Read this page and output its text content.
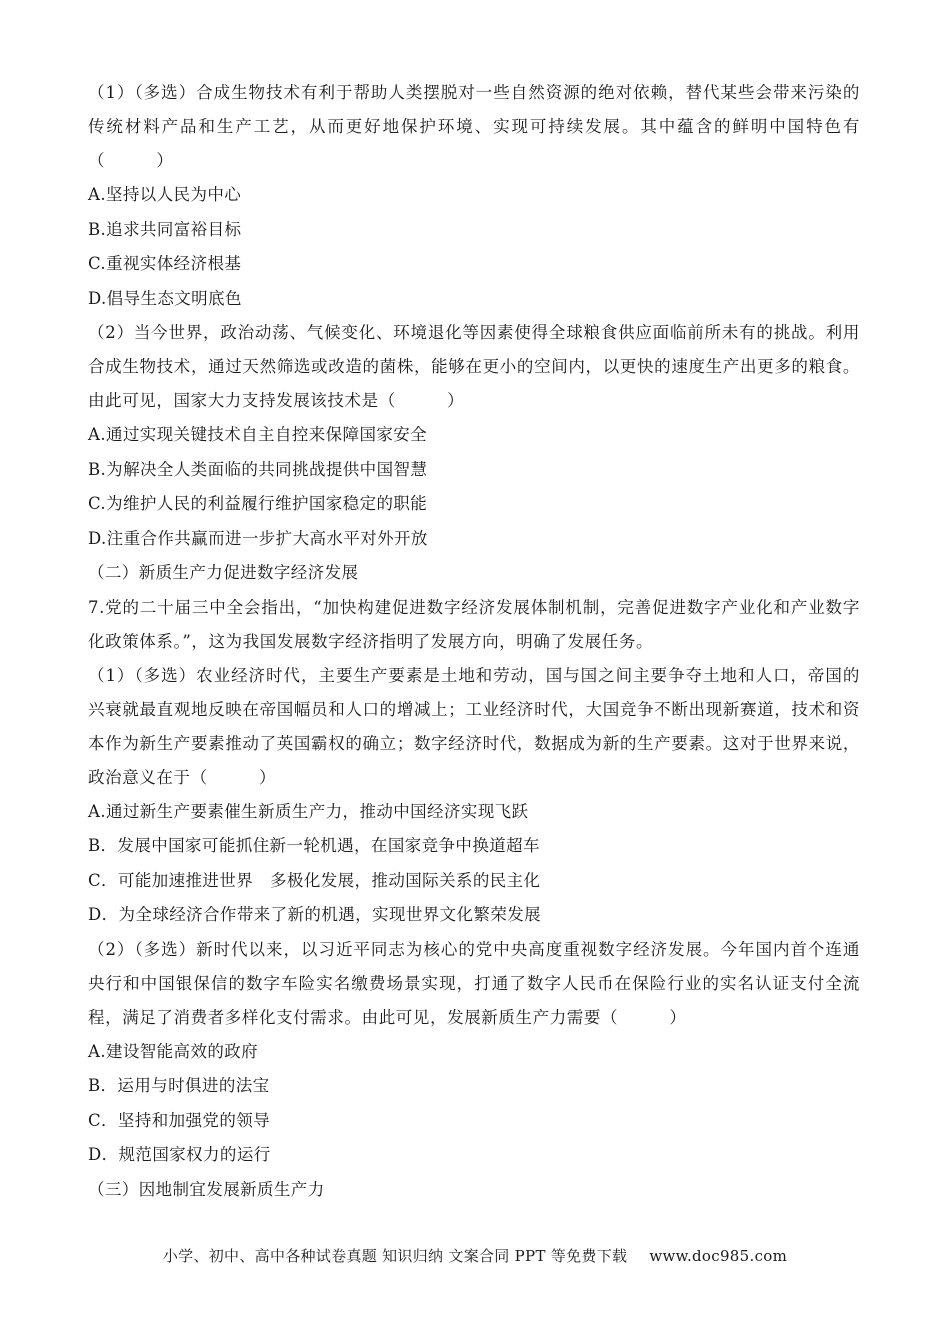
（1）（多选）合成生物技术有利于帮助人类摆脱对一些自然资源的绝对依赖，替代某些会带来污染的传统材料产品和生产工艺，从而更好地保护环境、实现可持续发展。其中蕴含的鲜明中国特色有（　　　）

A.坚持以人民为中心

B.追求共同富裕目标

C.重视实体经济根基

D.倡导生态文明底色

（2）当今世界，政治动荡、气候变化、环境退化等因素使得全球粮食供应面临前所未有的挑战。利用合成生物技术，通过天然筛选或改造的菌株，能够在更小的空间内，以更快的速度生产出更多的粮食。由此可见，国家大力支持发展该技术是（　　　）

A.通过实现关键技术自主自控来保障国家安全

B.为解决全人类面临的共同挑战提供中国智慧

C.为维护人民的利益履行维护国家稳定的职能

D.注重合作共赢而进一步扩大高水平对外开放

（二）新质生产力促进数字经济发展

7.党的二十届三中全会指出，“加快构建促进数字经济发展体制机制，完善促进数字产业化和产业数字化政策体系。”，这为我国发展数字经济指明了发展方向，明确了发展任务。

（1）（多选）农业经济时代，主要生产要素是土地和劳动，国与国之间主要争夺土地和人口，帝国的兴衰就最直观地反映在帝国幅员和人口的增减上；工业经济时代，大国竞争不断出现新赛道，技术和资本作为新生产要素推动了英国霸权的确立；数字经济时代，数据成为新的生产要素。这对于世界来说，政治意义在于（　　　）

A.通过新生产要素催生新质生产力，推动中国经济实现飞跃

B．发展中国家可能抓住新一轮机遇，在国家竞争中换道超车

C．可能加速推进世界　多极化发展，推动国际关系的民主化

D．为全球经济合作带来了新的机遇，实现世界文化繁荣发展

（2）（多选）新时代以来，以习近平同志为核心的党中央高度重视数字经济发展。今年国内首个连通央行和中国银保信的数字车险实名缴费场景实现，打通了数字人民币在保险行业的实名认证支付全流程，满足了消费者多样化支付需求。由此可见，发展新质生产力需要（　　　）

A.建设智能高效的政府

B．运用与时俱进的法宝

C．坚持和加强党的领导

D．规范国家权力的运行

（三）因地制宜发展新质生产力

小学、初中、高中各种试卷真题 知识归纳 文案合同 PPT 等免费下载 www.doc985.com
